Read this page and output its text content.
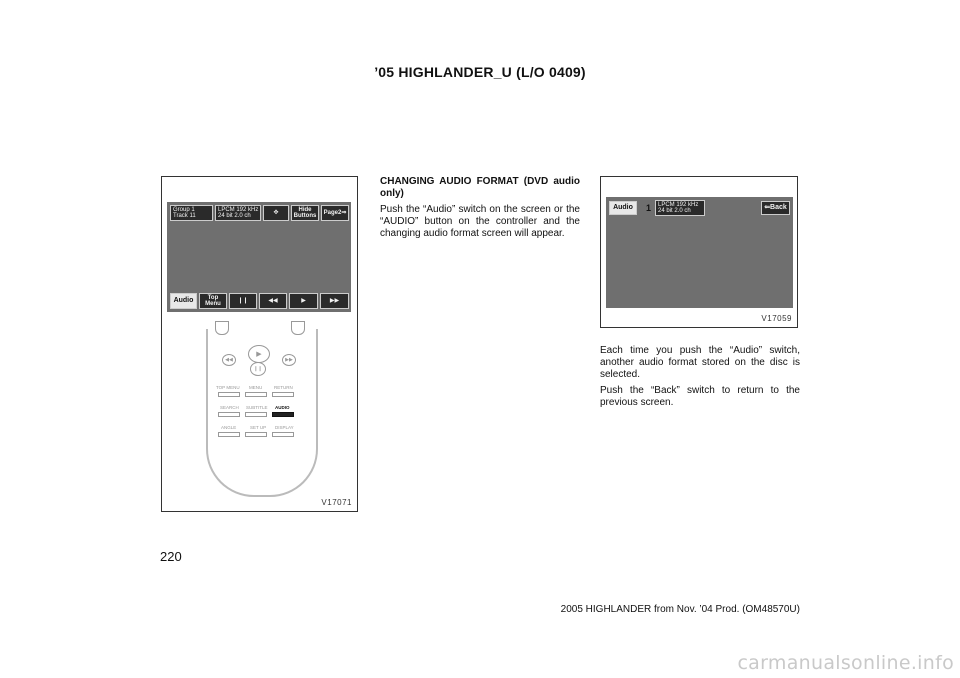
’05 HIGHLANDER_U (L/O 0409)
Group 1
Track 11
LPCM 192 kHz
24 bit 2.0 ch	✥	Hide
Buttons	Page2⇒
Audio	Top
Menu	❙❙	◀◀	▶	▶▶
▶
◀◀	▶▶
❙❙
TOP MENU MENU	RETURN
SEARCH SUBTITLE AUDIO
ANGLE	SET UP DISPLAY
V17071

CHANGING AUDIO FORMAT (DVD audio only)

Push the “Audio” switch on the screen or the “AUDIO” button on the controller and the changing audio format screen will appear.

Audio	1	LPCM 192 kHz
24 bit 2.0 ch	⇐Back
V17059

Each time you push the “Audio” switch, another audio format stored on the disc is selected.

Push the “Back” switch to return to the previous screen.

220
2005 HIGHLANDER from Nov. ’04 Prod. (OM48570U)
carmanualsonline.info
